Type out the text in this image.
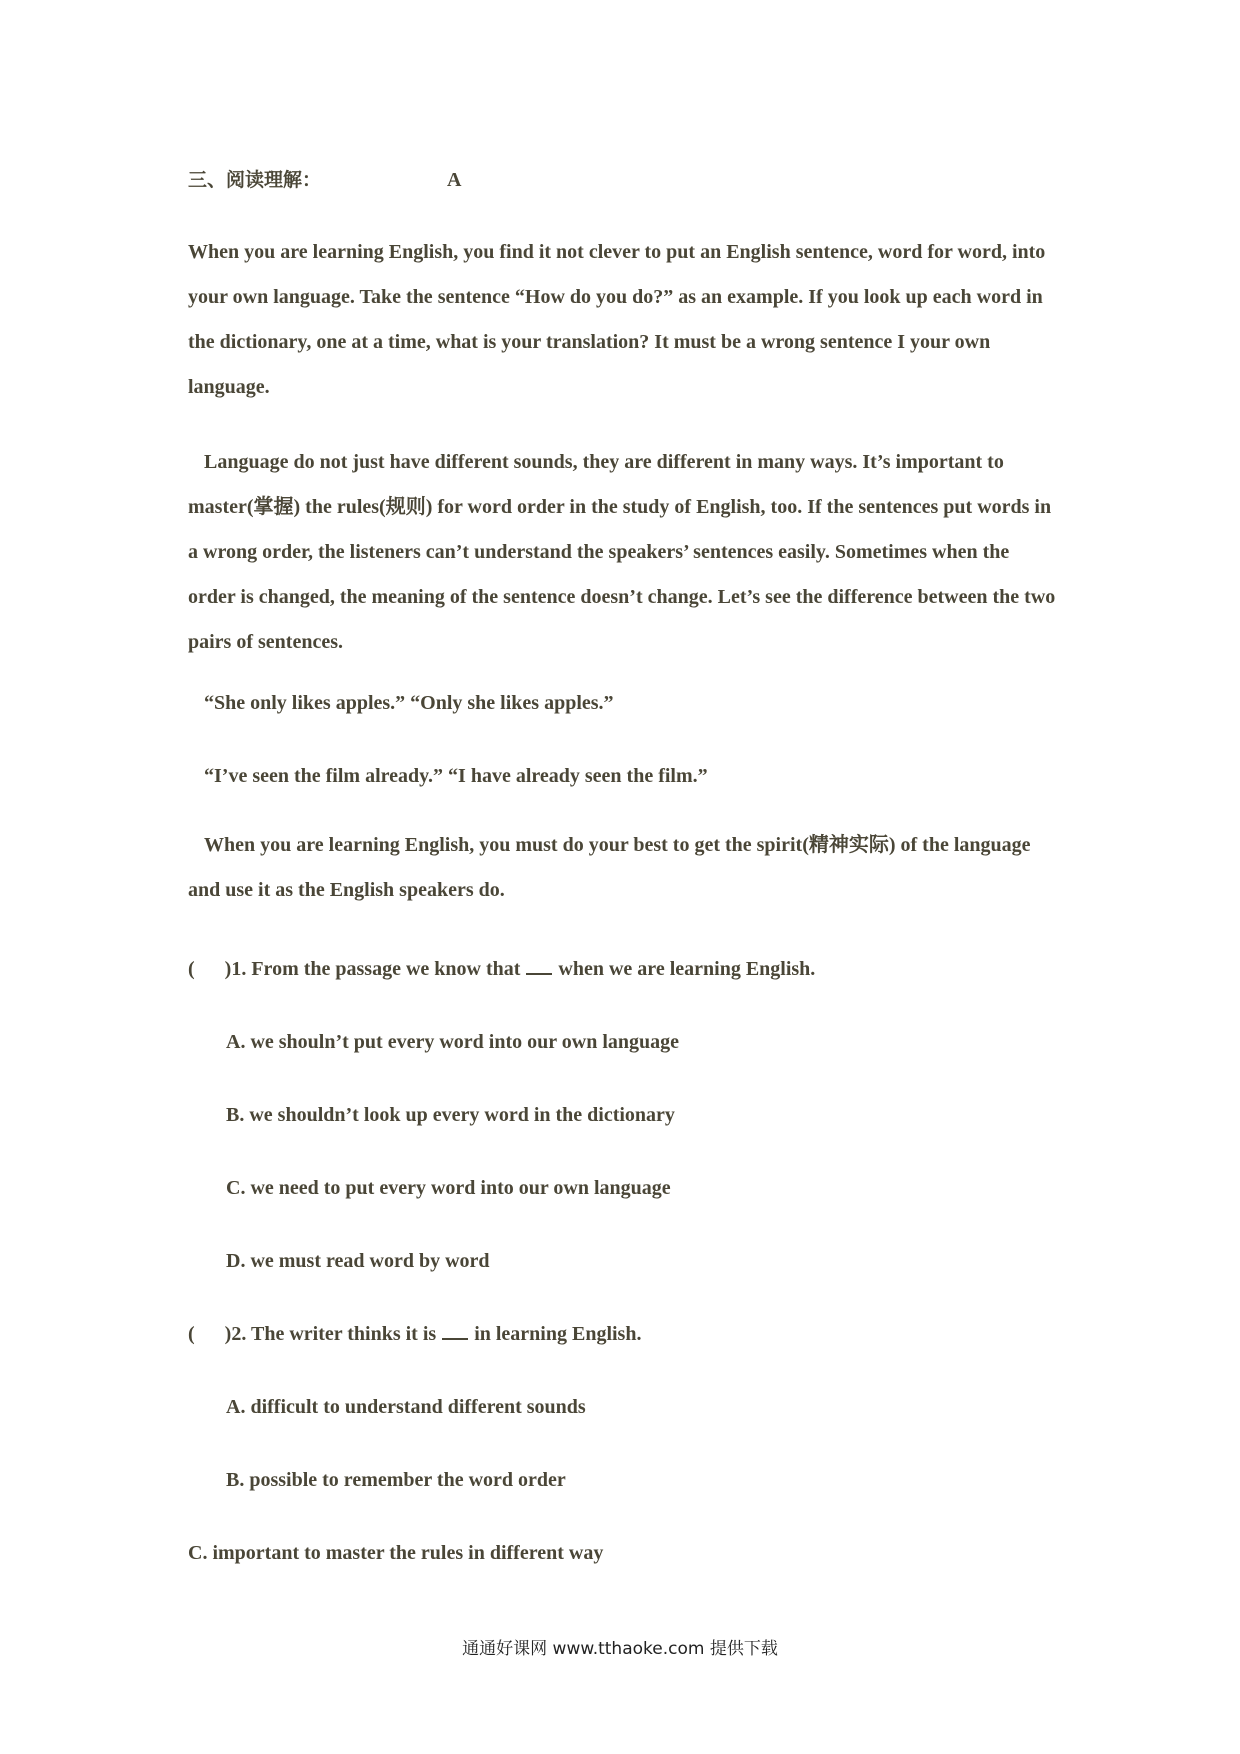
三、阅读理解：	A
When you are learning English, you find it not clever to put an English sentence, word for word, into your own language. Take the sentence “How do you do?” as an example. If you look up each word in the dictionary, one at a time, what is your translation? It must be a wrong sentence I your own language.
Language do not just have different sounds, they are different in many ways. It’s important to master(掌握) the rules(规则) for word order in the study of English, too. If the sentences put words in a wrong order, the listeners can’t understand the speakers’ sentences easily. Sometimes when the order is changed, the meaning of the sentence doesn’t change. Let’s see the difference between the two pairs of sentences.
“She only likes apples.” “Only she likes apples.”
“I’ve seen the film already.” “I have already seen the film.”
When you are learning English, you must do your best to get the spirit(精神实际) of the language and use it as the English speakers do.
( )1. From the passage we know that when we are learning English.
A. we shouln’t put every word into our own language
B. we shouldn’t look up every word in the dictionary
C. we need to put every word into our own language
D. we must read word by word
( )2. The writer thinks it is in learning English.
A. difficult to understand different sounds
B. possible to remember the word order
C. important to master the rules in different way
通通好课网 www.tthaoke.com 提供下载
